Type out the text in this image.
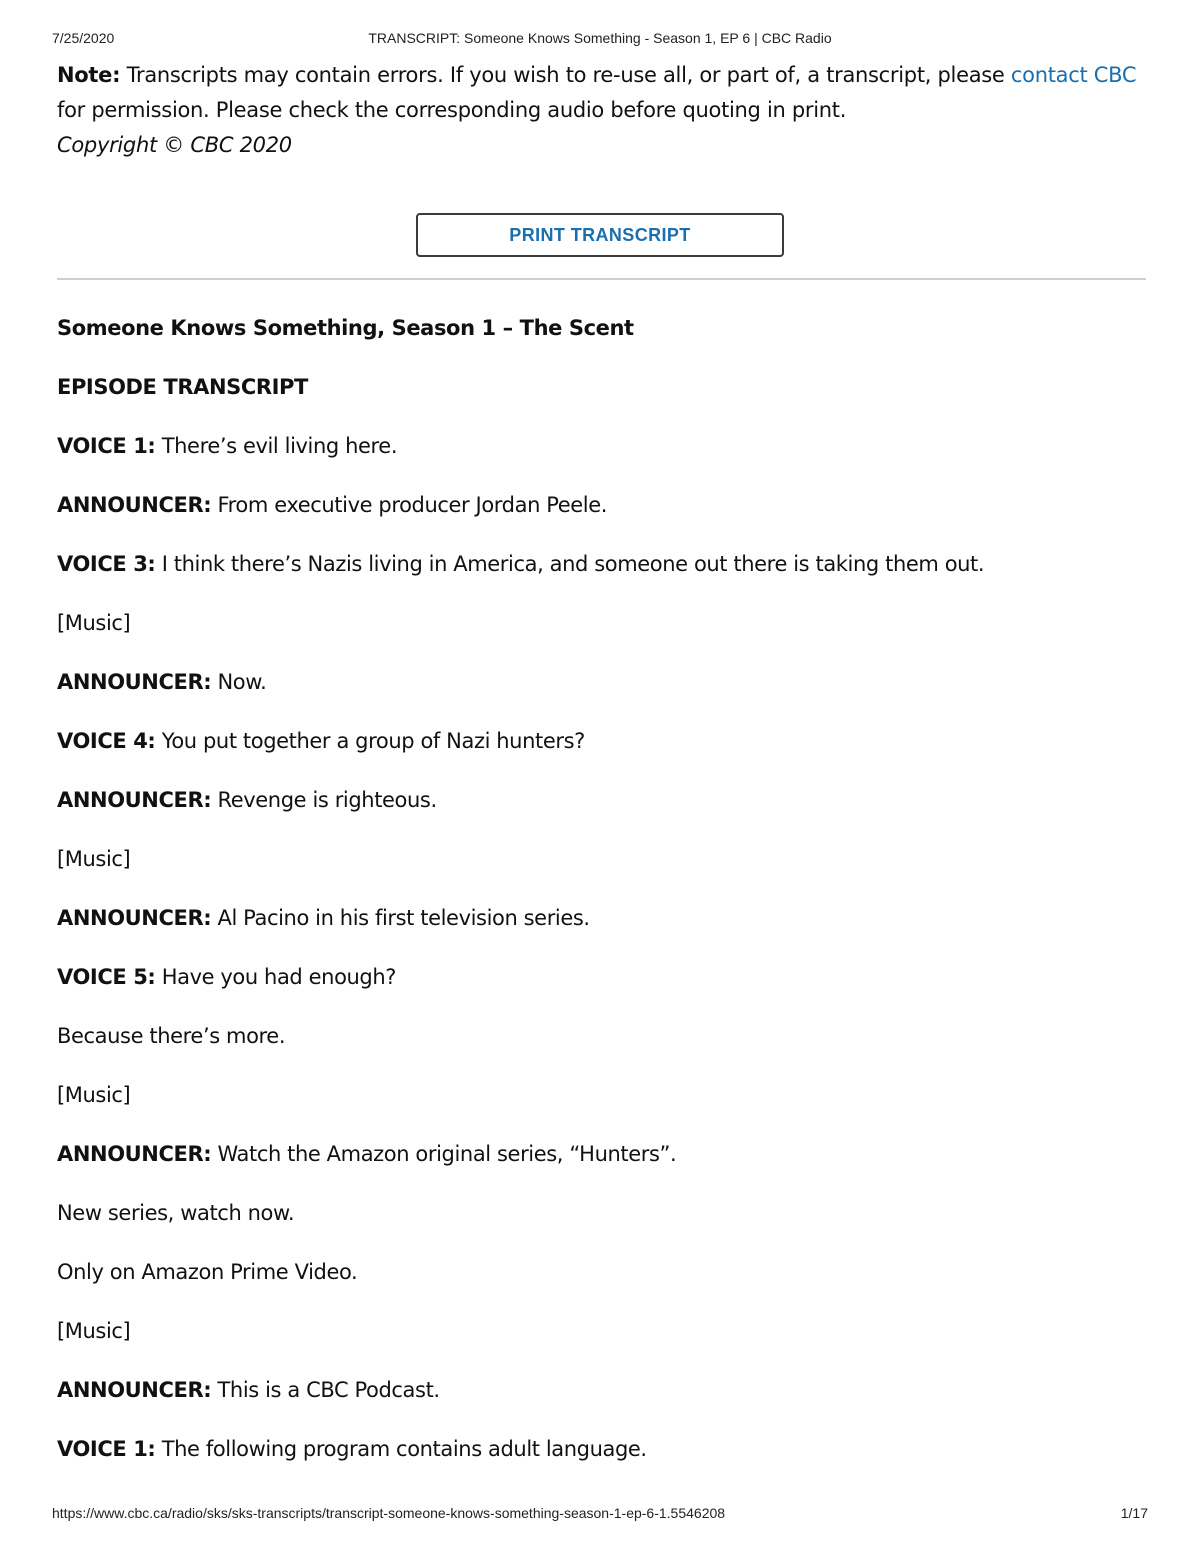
7/25/2020	TRANSCRIPT: Someone Knows Something - Season 1, EP 6 | CBC Radio
Note: Transcripts may contain errors. If you wish to re-use all, or part of, a transcript, please contact CBC for permission. Please check the corresponding audio before quoting in print.
Copyright © CBC 2020
PRINT TRANSCRIPT
Someone Knows Something, Season 1 – The Scent
EPISODE TRANSCRIPT
VOICE 1: There’s evil living here.
ANNOUNCER: From executive producer Jordan Peele.
VOICE 3: I think there’s Nazis living in America, and someone out there is taking them out.
[Music]
ANNOUNCER: Now.
VOICE 4: You put together a group of Nazi hunters?
ANNOUNCER: Revenge is righteous.
[Music]
ANNOUNCER: Al Pacino in his first television series.
VOICE 5: Have you had enough?
Because there’s more.
[Music]
ANNOUNCER: Watch the Amazon original series, “Hunters”.
New series, watch now.
Only on Amazon Prime Video.
[Music]
ANNOUNCER: This is a CBC Podcast.
VOICE 1: The following program contains adult language.
https://www.cbc.ca/radio/sks/sks-transcripts/transcript-someone-knows-something-season-1-ep-6-1.5546208	1/17
